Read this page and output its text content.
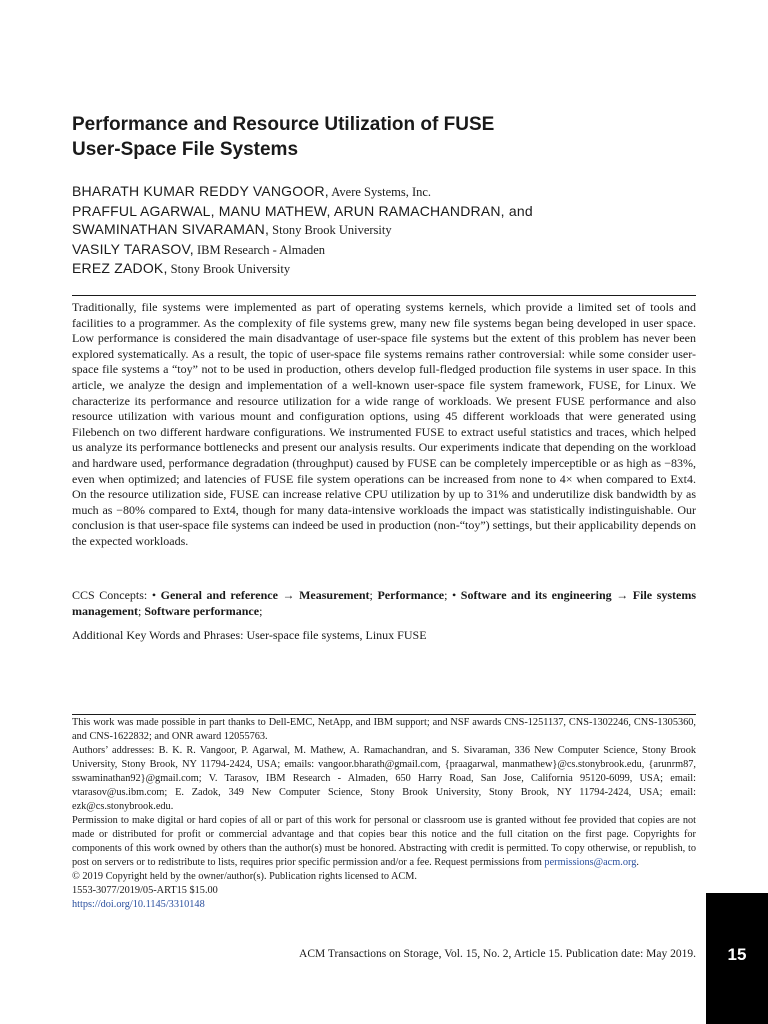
Performance and Resource Utilization of FUSE
User-Space File Systems
BHARATH KUMAR REDDY VANGOOR, Avere Systems, Inc.
PRAFFUL AGARWAL, MANU MATHEW, ARUN RAMACHANDRAN, and
SWAMINATHAN SIVARAMAN, Stony Brook University
VASILY TARASOV, IBM Research - Almaden
EREZ ZADOK, Stony Brook University

Traditionally, file systems were implemented as part of operating systems kernels, which provide a limited set of tools and facilities to a programmer. As the complexity of file systems grew, many new file systems began being developed in user space. Low performance is considered the main disadvantage of user-space file systems but the extent of this problem has never been explored systematically. As a result, the topic of user-space file systems remains rather controversial: while some consider user-space file systems a “toy” not to be used in production, others develop full-fledged production file systems in user space. In this article, we analyze the design and implementation of a well-known user-space file system framework, FUSE, for Linux. We characterize its performance and resource utilization for a wide range of workloads. We present FUSE performance and also resource utilization with various mount and configuration options, using 45 different workloads that were generated using Filebench on two different hardware configurations. We instrumented FUSE to extract useful statistics and traces, which helped us analyze its performance bottlenecks and present our analysis results. Our experiments indicate that depending on the workload and hardware used, performance degradation (throughput) caused by FUSE can be completely imperceptible or as high as −83%, even when optimized; and latencies of FUSE file system operations can be increased from none to 4× when compared to Ext4. On the resource utilization side, FUSE can increase relative CPU utilization by up to 31% and underutilize disk bandwidth by as much as −80% compared to Ext4, though for many data-intensive workloads the impact was statistically indistinguishable. Our conclusion is that user-space file systems can indeed be used in production (non-“toy”) settings, but their applicability depends on the expected workloads.

CCS Concepts: • General and reference → Measurement; Performance; • Software and its engineering → File systems management; Software performance;
Additional Key Words and Phrases: User-space file systems, Linux FUSE

This work was made possible in part thanks to Dell-EMC, NetApp, and IBM support; and NSF awards CNS-1251137, CNS-1302246, CNS-1305360, and CNS-1622832; and ONR award 12055763.

Authors’ addresses: B. K. R. Vangoor, P. Agarwal, M. Mathew, A. Ramachandran, and S. Sivaraman, 336 New Computer Science, Stony Brook University, Stony Brook, NY 11794-2424, USA; emails: vangoor.bharath@gmail.com, {praagarwal, manmathew}@cs.stonybrook.edu, {arunrm87, sswaminathan92}@gmail.com; V. Tarasov, IBM Research - Almaden, 650 Harry Road, San Jose, California 95120-6099, USA; email: vtarasov@us.ibm.com; E. Zadok, 349 New Computer Science, Stony Brook University, Stony Brook, NY 11794-2424, USA; email: ezk@cs.stonybrook.edu.

Permission to make digital or hard copies of all or part of this work for personal or classroom use is granted without fee provided that copies are not made or distributed for profit or commercial advantage and that copies bear this notice and the full citation on the first page. Copyrights for components of this work owned by others than the author(s) must be honored. Abstracting with credit is permitted. To copy otherwise, or republish, to post on servers or to redistribute to lists, requires prior specific permission and/or a fee. Request permissions from permissions@acm.org.

© 2019 Copyright held by the owner/author(s). Publication rights licensed to ACM.

1553-3077/2019/05-ART15 $15.00

https://doi.org/10.1145/3310148

ACM Transactions on Storage, Vol. 15, No. 2, Article 15. Publication date: May 2019.	15
